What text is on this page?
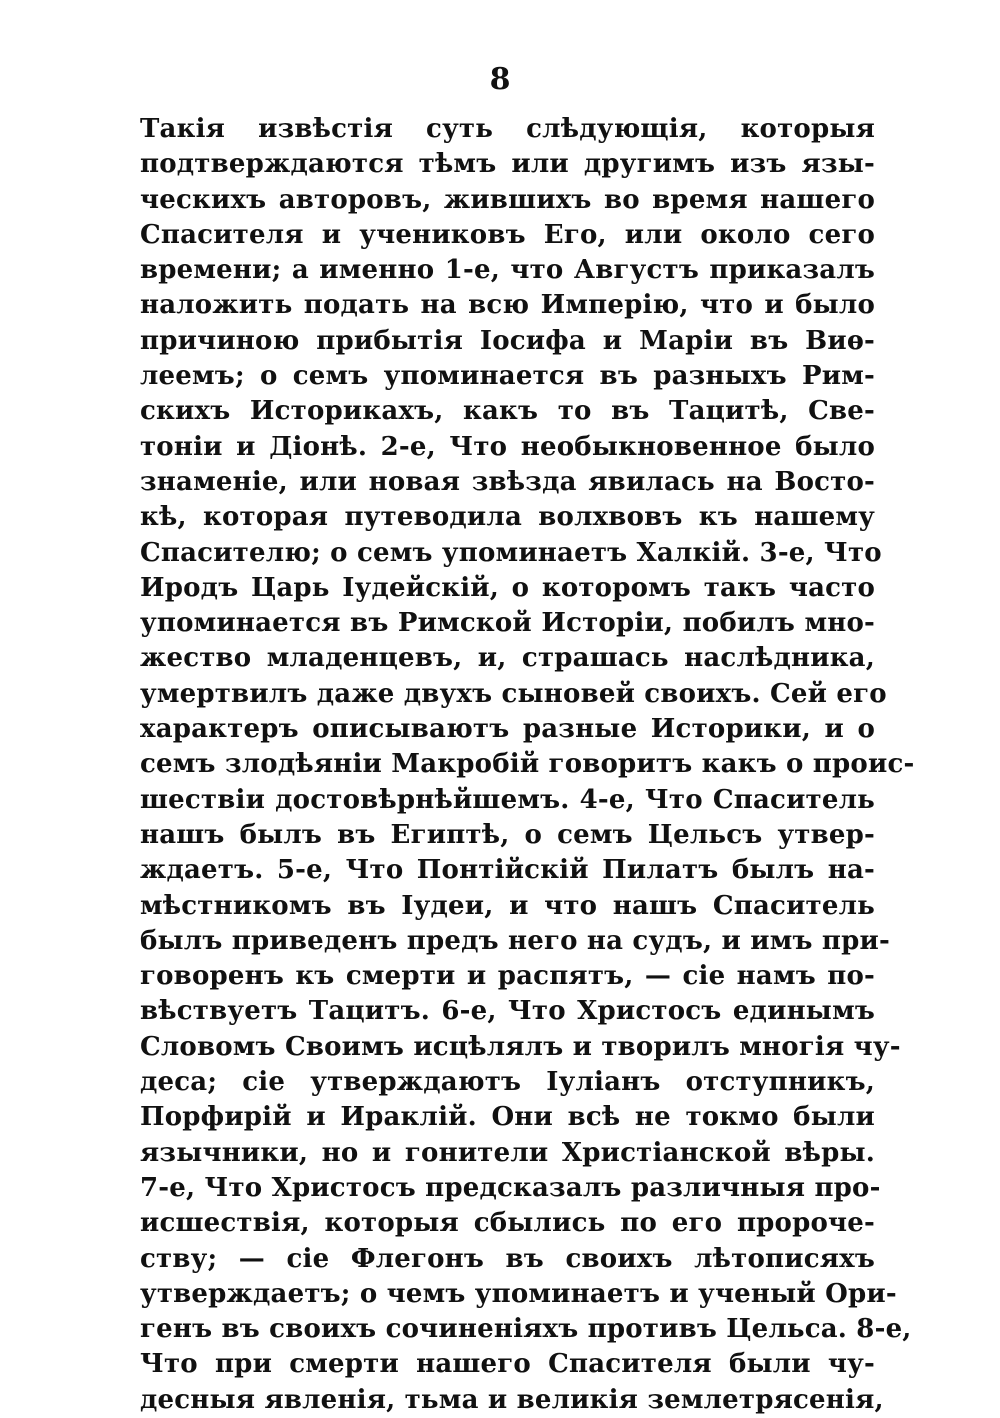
8
Такія извѣстія суть слѣдующія, которыя
подтверждаются тѣмъ или другимъ изъ язы-
ческихъ авторовъ, жившихъ во время нашего
Спасителя и учениковъ Его, или около сего
времени; а именно 1-е, что Августъ приказалъ
наложить подать на всю Имперію, что и было
причиною прибытія Іосифа и Маріи въ Виѳ-
леемъ; о семъ упоминается въ разныхъ Рим-
скихъ Историкахъ, какъ то въ Тацитѣ, Све-
тоніи и Діонѣ. 2-е, Что необыкновенное было
знаменіе, или новая звѣзда явилась на Восто-
кѣ, которая путеводила волхвовъ къ нашему
Спасителю; о семъ упоминаетъ Халкій. 3-е, Что
Иродъ Царь Іудейскій, о которомъ такъ часто
упоминается въ Римской Исторіи, побилъ мно-
жество младенцевъ, и, страшась наслѣдника,
умертвилъ даже двухъ сыновей своихъ. Сей его
характеръ описываютъ разные Историки, и о
семъ злодѣяніи Макробій говоритъ какъ о проис-
шествіи достовѣрнѣйшемъ. 4-е, Что Спаситель
нашъ былъ въ Египтѣ, о семъ Цельсъ утвер-
ждаетъ. 5-е, Что Понтійскій Пилатъ былъ на-
мѣстникомъ въ Іудеи, и что нашъ Спаситель
былъ приведенъ предъ него на судъ, и имъ при-
говоренъ къ смерти и распятъ, — сіе намъ по-
вѣствуетъ Тацитъ. 6-е, Что Христосъ единымъ
Словомъ Своимъ исцѣлялъ и творилъ многія чу-
деса; сіе утверждаютъ Іуліанъ отступникъ,
Порфирій и Ираклій. Они всѣ не токмо были
язычники, но и гонители Христіанской вѣры.
7-е, Что Христосъ предсказалъ различныя про-
исшествія, которыя сбылись по его пророче-
ству; — сіе Флегонъ въ своихъ лѣтописяхъ
утверждаетъ; о чемъ упоминаетъ и ученый Ори-
генъ въ своихъ сочиненіяхъ противъ Цельса. 8-е,
Что при смерти нашего Спасителя были чу-
десныя явленія, тьма и великія землетрясенія,
